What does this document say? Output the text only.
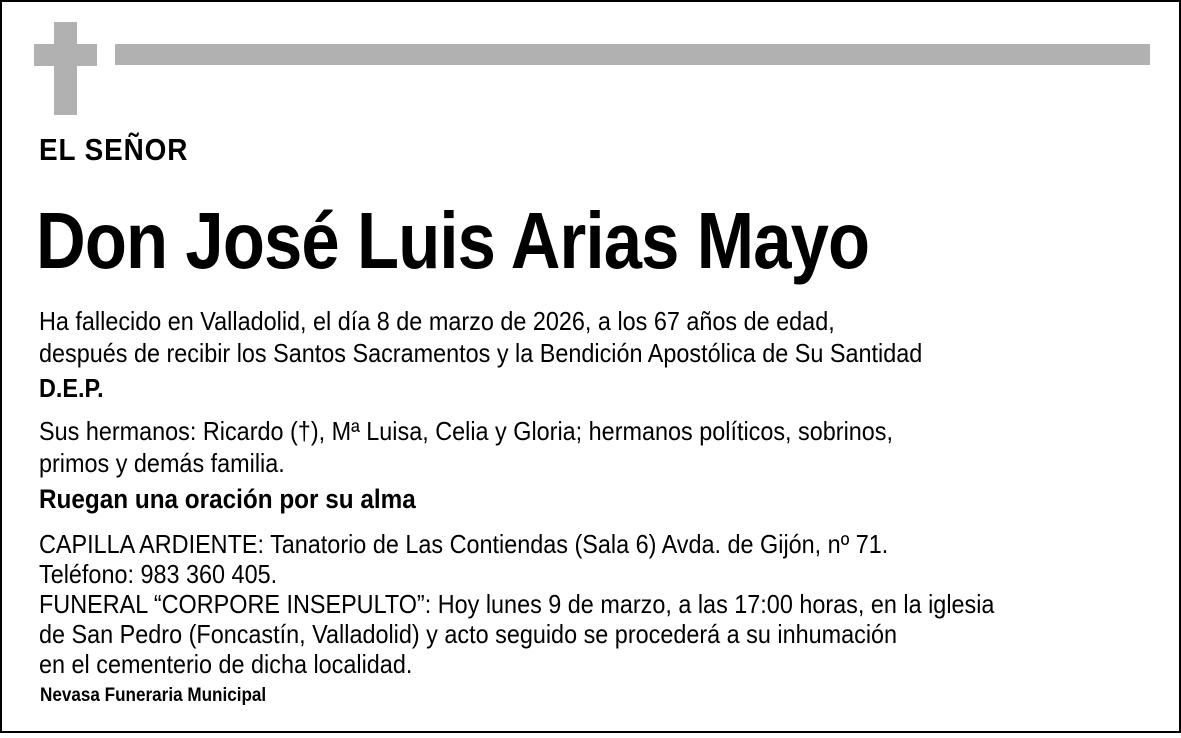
EL SEÑOR
Don José Luis Arias Mayo
Ha fallecido en Valladolid, el día 8 de marzo de 2026, a los 67 años de edad,
después de recibir los Santos Sacramentos y la Bendición Apostólica de Su Santidad
D.E.P.
Sus hermanos: Ricardo (†), Mª Luisa, Celia y Gloria; hermanos políticos, sobrinos,
primos y demás familia.
Ruegan una oración por su alma
CAPILLA ARDIENTE: Tanatorio de Las Contiendas (Sala 6) Avda. de Gijón, nº 71.
Teléfono: 983 360 405.
FUNERAL “CORPORE INSEPULTO”: Hoy lunes 9 de marzo, a las 17:00 horas, en la iglesia
de San Pedro (Foncastín, Valladolid) y acto seguido se procederá a su inhumación
en el cementerio de dicha localidad.
Nevasa Funeraria Municipal
